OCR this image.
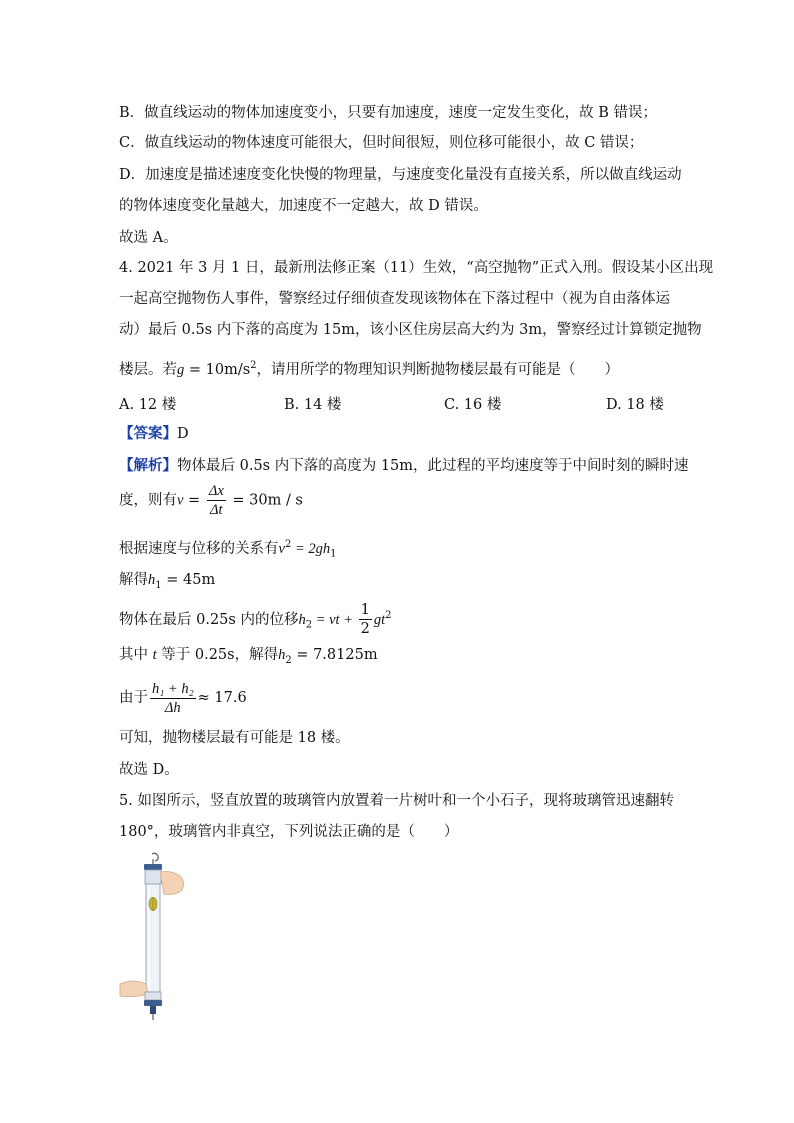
B．做直线运动的物体加速度变小，只要有加速度，速度一定发生变化，故 B 错误；
C．做直线运动的物体速度可能很大，但时间很短，则位移可能很小，故 C 错误；
D．加速度是描述速度变化快慢的物理量，与速度变化量没有直接关系，所以做直线运动
的物体速度变化量越大，加速度不一定越大，故 D 错误。
故选 A。
4. 2021 年 3 月 1 日，最新刑法修正案（11）生效，“高空抛物”正式入刑。假设某小区出现
一起高空抛物伤人事件，警察经过仔细侦查发现该物体在下落过程中（视为自由落体运
动）最后 0.5s 内下落的高度为 15m，该小区住房层高大约为 3m，警察经过计算锁定抛物
楼层。若$g = 10m/s^2$，请用所学的物理知识判断抛物楼层最有可能是（　　）
A. 12 楼	B. 14 楼	C. 16 楼	D. 18 楼
【答案】D
【解析】物体最后 0.5s 内下落的高度为 15m，此过程的平均速度等于中间时刻的瞬时速
度，则有$v = \frac{\Delta x}{\Delta t} = 30m / s$
根据速度与位移的关系有$v^2 = 2gh_1$
解得$h_1 = 45m$
物体在最后 0.25s 内的位移$h_2$ = vt + $\frac{1}{2} gt^2$
其中 t 等于 0.25s，解得$h_2 = 7.8125m$
由于 $\frac{\text{h₁ + h₂}}{\Delta h} \approx 17.6$
可知，抛物楼层最有可能是 18 楼。
故选 D。
5. 如图所示，竖直放置的玻璃管内放置着一片树叶和一个小石子，现将玻璃管迅速翻转
180°，玻璃管内非真空，下列说法正确的是（　　）
